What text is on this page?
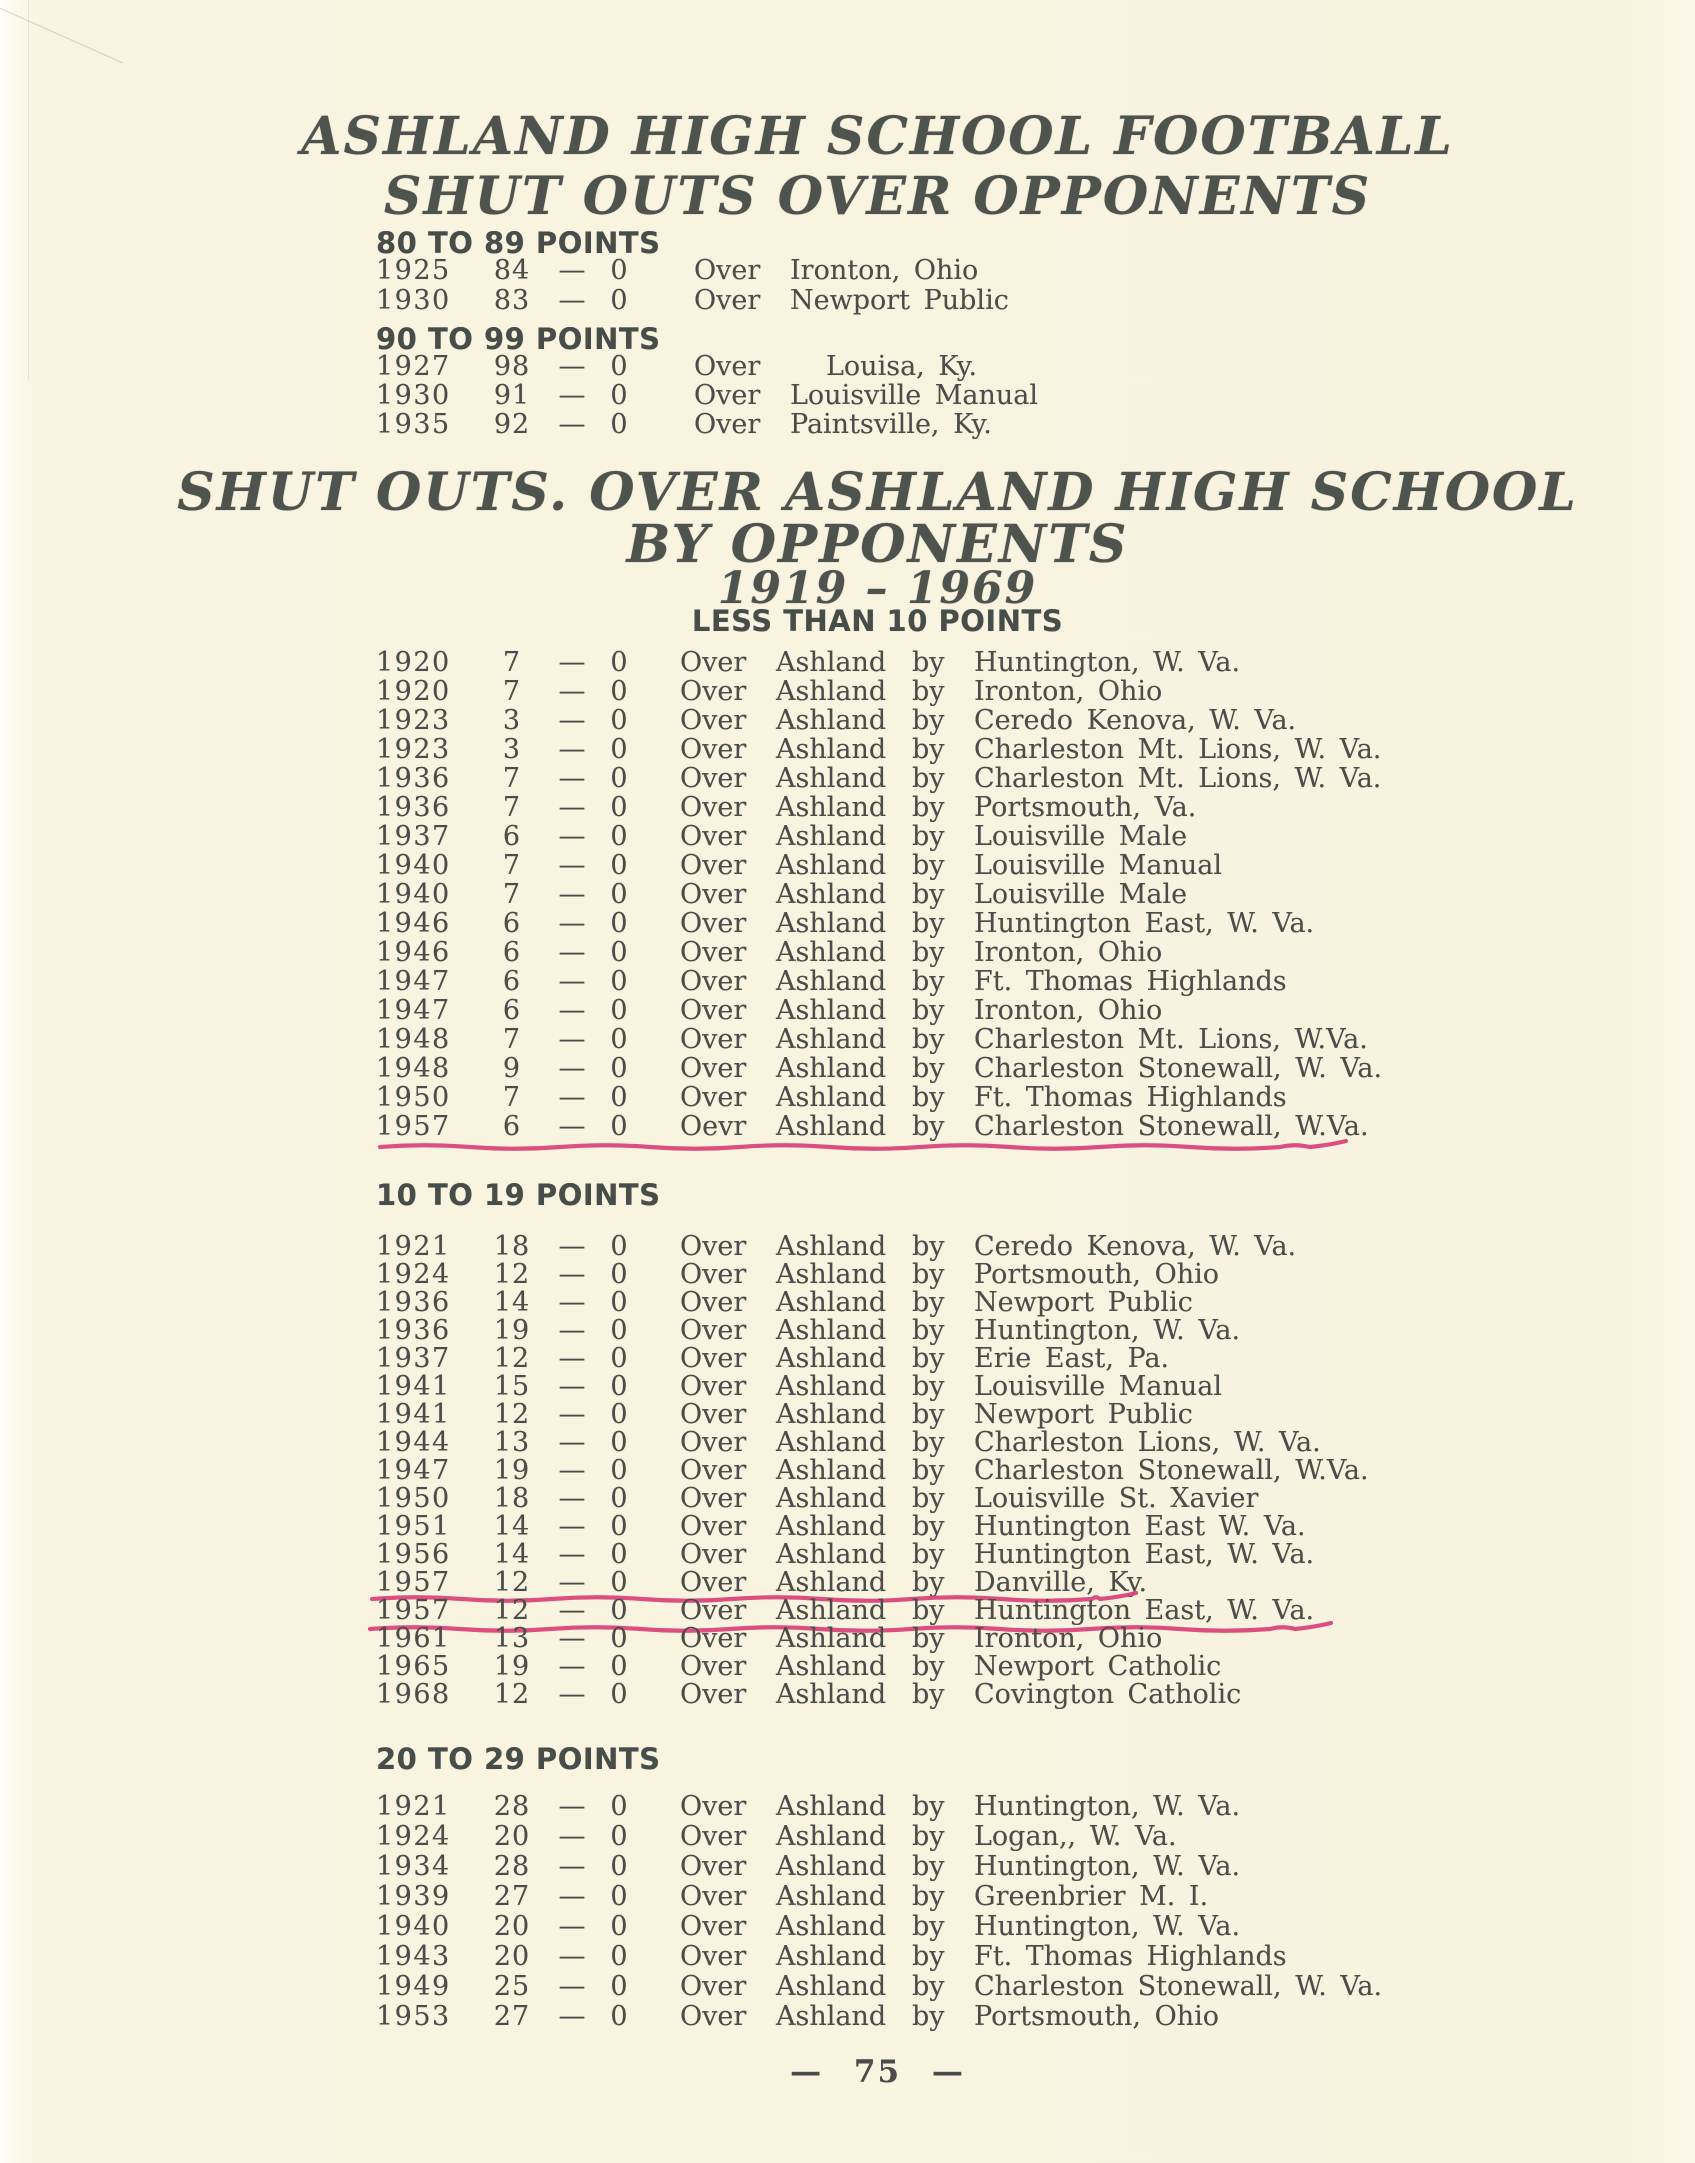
ASHLAND HIGH SCHOOL FOOTBALL
SHUT OUTS OVER OPPONENTS
80 TO 89 POINTS
1925	84	— 0 Over Ironton, Ohio
1930	83	— 0 Over Newport Public
90 TO 99 POINTS
1927	98	— 0 Over Louisa, Ky.
1930	91	— 0 Over Louisville Manual
1935	92	— 0 Over Paintsville, Ky.
SHUT OUTS. OVER ASHLAND HIGH SCHOOL
BY OPPONENTS
1919 – 1969
LESS THAN 10 POINTS
1920	7	— 0 Over Ashland by Huntington, W. Va.
1920	7	— 0 Over Ashland by Ironton, Ohio
1923	3	— 0 Over Ashland by Ceredo Kenova, W. Va.
1923	3	— 0 Over Ashland by Charleston Mt. Lions, W. Va.
1936	7	— 0 Over Ashland by Charleston Mt. Lions, W. Va.
1936	7	— 0 Over Ashland by Portsmouth, Va.
1937	6	— 0 Over Ashland by Louisville Male
1940	7	— 0 Over Ashland by Louisville Manual
1940	7	— 0 Over Ashland by Louisville Male
1946	6	— 0 Over Ashland by Huntington East, W. Va.
1946	6	— 0 Over Ashland by Ironton, Ohio
1947	6	— 0 Over Ashland by Ft. Thomas Highlands
1947	6	— 0 Over Ashland by Ironton, Ohio
1948	7	— 0 Over Ashland by Charleston Mt. Lions, W.Va.
1948	9	— 0 Over Ashland by Charleston Stonewall, W. Va.
1950	7	— 0 Over Ashland by Ft. Thomas Highlands
1957	6	— 0 Oevr Ashland by Charleston Stonewall, W.Va.
10 TO 19 POINTS
1921	18	— 0 Over Ashland by Ceredo Kenova, W. Va.
1924	12	— 0 Over Ashland by Portsmouth, Ohio
1936	14	— 0 Over Ashland by Newport Public
1936	19	— 0 Over Ashland by Huntington, W. Va.
1937	12	— 0 Over Ashland by Erie East, Pa.
1941	15	— 0 Over Ashland by Louisville Manual
1941	12	— 0 Over Ashland by Newport Public
1944	13	— 0 Over Ashland by Charleston Lions, W. Va.
1947	19	— 0 Over Ashland by Charleston Stonewall, W.Va.
1950	18	— 0 Over Ashland by Louisville St. Xavier
1951	14	— 0 Over Ashland by Huntington East W. Va.
1956	14	— 0 Over Ashland by Huntington East, W. Va.
1957	12	— 0 Over Ashland by Danville, Ky.
1957	12	— 0 Over Ashland by Huntington East, W. Va.
1961	13	— 0 Over Ashland by Ironton, Ohio
1965	19	— 0 Over Ashland by Newport Catholic
1968	12	— 0 Over Ashland by Covington Catholic
20 TO 29 POINTS
1921	28	— 0 Over Ashland by Huntington, W. Va.
1924	20	— 0 Over Ashland by Logan,, W. Va.
1934	28	— 0 Over Ashland by Huntington, W. Va.
1939	27	— 0 Over Ashland by Greenbrier M. I.
1940	20	— 0 Over Ashland by Huntington, W. Va.
1943	20	— 0 Over Ashland by Ft. Thomas Highlands
1949	25	— 0 Over Ashland by Charleston Stonewall, W. Va.
1953	27	— 0 Over Ashland by Portsmouth, Ohio
— 75 —
